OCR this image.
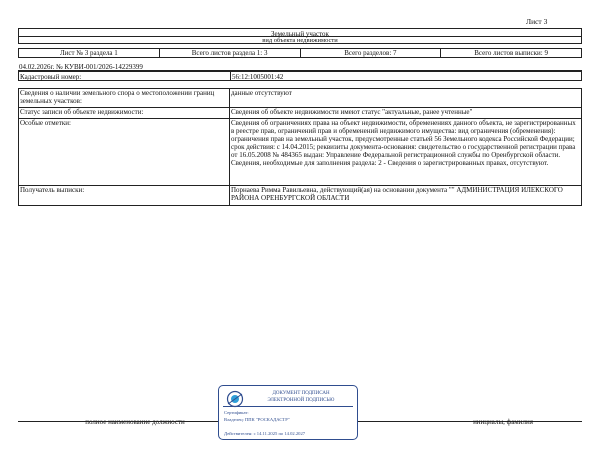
Лист 3
Земельный участок
вид объекта недвижимости
Лист № 3 раздела 1	Всего листов раздела 1: 3	Всего разделов: 7	Всего листов выписки: 9
04.02.2026г. № КУВИ-001/2026-14229399
Кадастровый номер:	56:12:1005001:42
Сведения о наличии земельного спора о местоположении границ земельных участков:
данные отсутствуют
Статус записи об объекте недвижимости:	Сведения об объекте недвижимости имеют статус "актуальные, ранее учтенные"
Особые отметки:	Сведения об ограничениях права на объект недвижимости, обременениях данного объекта, не зарегистрированных в реестре прав, ограничений прав и обременений недвижимого имущества: вид ограничения (обременения): ограничения прав на земельный участок, предусмотренные статьей 56 Земельного кодекса Российской Федерации; срок действия: с 14.04.2015; реквизиты документа-основания: свидетельство о государственной регистрации права от 16.05.2008 № 484365 выдан: Управление Федеральной регистрационной службы по Оренбургской области. Сведения, необходимые для заполнения раздела: 2 - Сведения о зарегистрированных правах, отсутствуют.
Получатель выписки:	Порнаева Римма Равильевна, действующий(ая) на основании документа "" АДМИНИСТРАЦИЯ ИЛЕКСКОГО РАЙОНА ОРЕНБУРГСКОЙ ОБЛАСТИ
полное наименование должности	инициалы, фамилия
ДОКУМЕНТ ПОДПИСАН
ЭЛЕКТРОННОЙ ПОДПИСЬЮ
Сертификат:
Владелец: ППК "РОСКАДАСТР"
Действителен: с 14.11.2025 по 14.02.2027
